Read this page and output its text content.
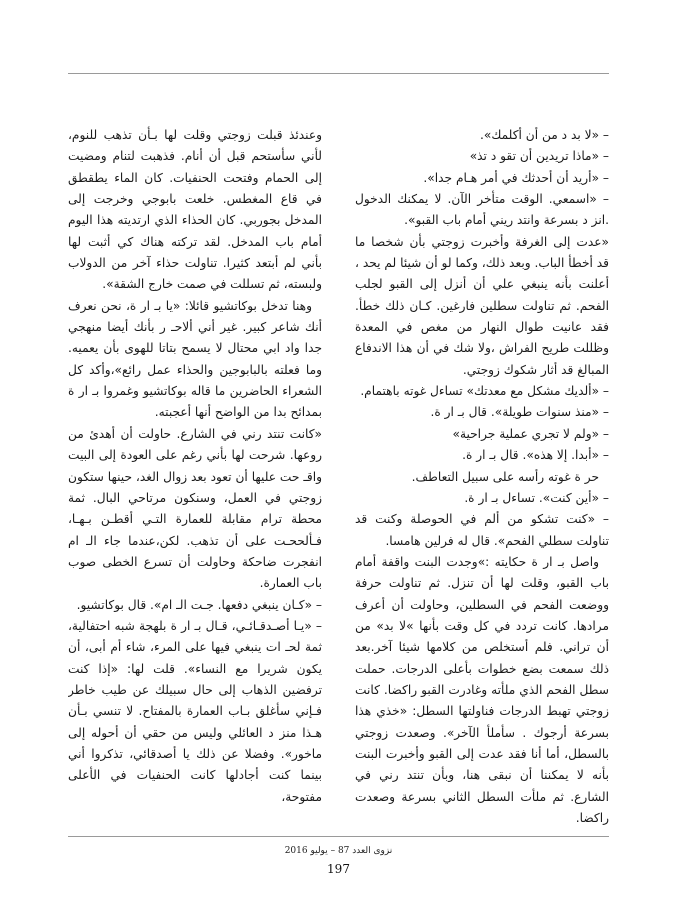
– «لا بد د من أن أكلمك».

– «ماذا تريدين أن تقو د تذ»

– «أريد أن أحدثك في أمر هـام جدا».

– «اسمعي. الوقت متأخر الآن. لا يمكنك الدخول .انز د بسرعة وانتد ريني أمام باب القبو».

«عدت إلى الغرفة وأخبرت زوجتي بأن شخصا ما قد أخطأ الباب. وبعد ذلك، وكما لو أن شيئا لم يحد ، أعلنت بأنه ينبغي علي أن أنزل إلى القبو لجلب الفحم. ثم تناولت سطلين فارغين. كـان ذلك خطأ. فقد عانيت طوال النهار من مغص في المعدة وظللت طريح الفراش ،ولا شك في أن هذا الاندفاع المبالغ قد أثار شكوك زوجتي.

– «ألديك مشكل مع معدتك» تساءل غوته باهتمام.

– «منذ سنوات طويلة». قال بـ ار ة.

– «ولم لا تجري عملية جراحية»

– «أبدا. إلا هذه». قال بـ ار ة.

حر ة غوته رأسه على سبيل التعاطف.

– «أين كنت». تساءل بـ ار ة.

– «كنت تشكو من ألم في الحوصلة وكنت قد تناولت سطلي الفحم». قال له فرلين هامسا.

واصل بـ ار ة حكايته :»وجدت البنت واقفة أمام باب القبو، وقلت لها أن تنزل. ثم تناولت حرفة ووضعت الفحم في السطلين، وحاولت أن أعرف مرادها. كانت تردد في كل وقت بأنها »لا بد» من أن تراني. فلم أستخلص من كلامها شيئا آخر.بعد ذلك سمعت بضع خطوات بأعلى الدرجات. حملت سطل الفحم الذي ملأته وغادرت القبو راكضا. كانت زوجتي تهبط الدرجات فناولتها السطل: «خذي هذا بسرعة أرجوك . سأملأ الآخر». وصعدت زوجتي بالسطل، أما أنا فقد عدت إلى القبو وأخبرت البنت بأنه لا يمكننا أن نبقى هنا، وبأن تنتد رني في الشارع. ثم ملأت السطل الثاني بسرعة وصعدت راكضا.

وعندئذ قبلت زوجتي وقلت لها بـأن تذهب للنوم، لأني سأستحم قبل أن أنام. فذهبت لتنام ومضيت إلى الحمام وفتحت الحنفيات. كان الماء يطقطق في قاع المغطس. خلعت بابوجي وخرجت إلى المدخل بجوربي. كان الحذاء الذي ارتديته هذا اليوم أمام باب المدخل. لقد تركته هناك كي أثبت لها بأني لم أبتعد كثيرا. تناولت حذاء آخر من الدولاب ولبسته، ثم تسللت في صمت خارج الشقة».

وهنا تدخل بوكاتشيو قائلا: «يا بـ ار ة، نحن نعرف أنك شاعر كبير. غير أني ألاحـ ر بأنك أيضا منهجي جدا واد ابي محتال لا يسمح بتاتا للهوى بأن يعميه. وما فعلته بالبابوجين والحذاء عمل رائع»،وأكد كل الشعراء الحاضرين ما قاله بوكاتشيو وغمروا بـ ار ة بمدائح بدا من الواضح أنها أعجبته.

«كانت تنتد رني في الشارع. حاولت أن أهدئ من روعها. شرحت لها بأني رغم على العودة إلى البيت واقـ حت عليها أن تعود بعد زوال الغد، حينها ستكون زوجتي في العمل، وسنكون مرتاحي البال. ثمة محطة ترام مقابلة للعمارة التـي أقطـن بـهـا، فـألححـت على أن تذهب. لكن،عندما جاء الـ ام انفجرت ضاحكة وحاولت أن تسرع الخطى صوب باب العمارة.

– «كـان ينبغي دفعها. جـت الـ ام». قال بوكاتشيو.

– «يـا أصـدقـائـي، قـال بـ ار ة بلهجة شبه احتفالية، ثمة لحـ ات ينبغي فيها على المرء، شاء أم أبى، أن يكون شريرا مع النساء». قلت لها: «إذا كنت ترفضين الذهاب إلى حال سبيلك عن طيب خاطر فـإني سأغلق بـاب العمارة بالمفتاح. لا تنسي بـأن هـذا منز د العائلي وليس من حقي أن أحوله إلى ماخور». وفضلا عن ذلك يا أصدقائي، تذكروا أني بينما كنت أجادلها كانت الحنفيات في الأعلى مفتوحة،

نزوى العدد 87 – يوليو 2016
197
